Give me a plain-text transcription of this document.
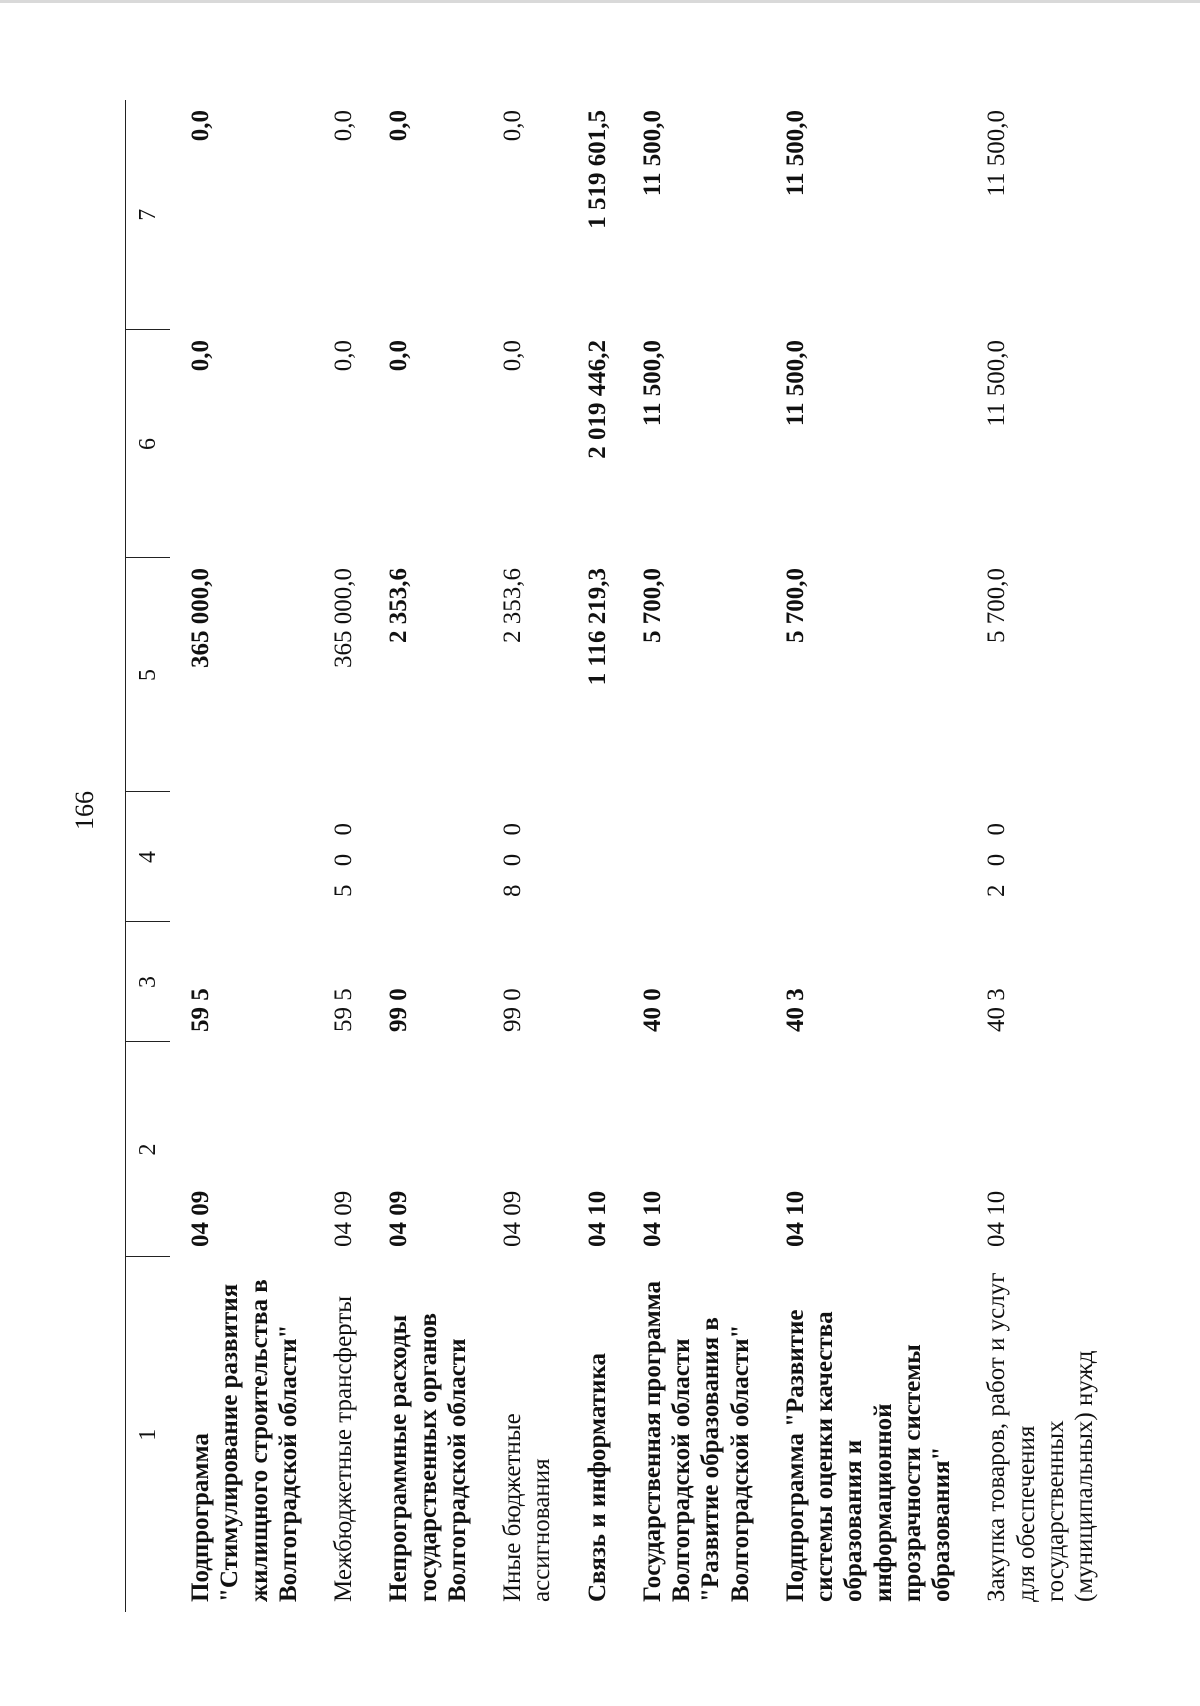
166
1	2	3	4	5	6	7
Подпрограмма "Стимулирование развития жилищного строительства в Волгоградской области"	04 09	59 5		365 000,0	0,0	0,0
Межбюджетные трансферты	04 09	59 5	5 0 0	365 000,0	0,0	0,0
Непрограммные расходы государственных органов Волгоградской области	04 09	99 0		2 353,6	0,0	0,0
Иные бюджетные ассигнования	04 09	99 0	8 0 0	2 353,6	0,0	0,0
Связь и информатика	04 10			1 116 219,3	2 019 446,2	1 519 601,5
Государственная программа Волгоградской области "Развитие образования в Волгоградской области"	04 10	40 0		5 700,0	11 500,0	11 500,0
Подпрограмма "Развитие системы оценки качества образования и информационной прозрачности системы образования"	04 10	40 3		5 700,0	11 500,0	11 500,0
Закупка товаров, работ и услуг для обеспечения государственных (муниципальных) нужд	04 10	40 3	2 0 0	5 700,0	11 500,0	11 500,0
